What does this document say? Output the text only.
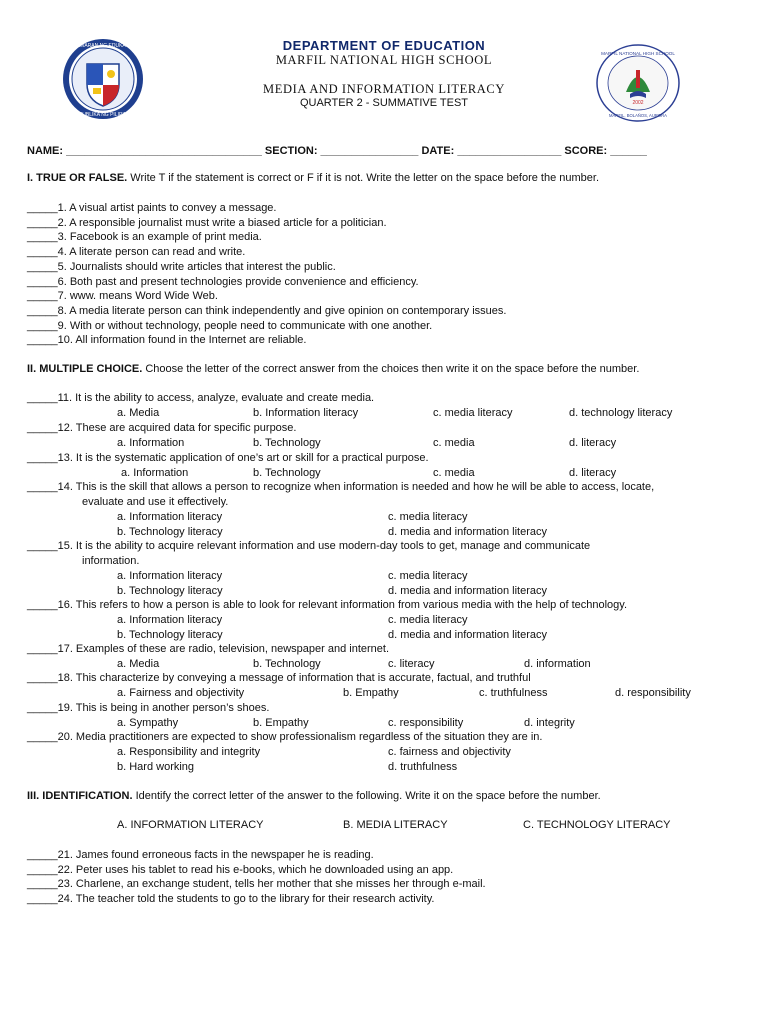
KAGAWARAN NG EDUKASYON
REPUBLIKA NG PILIPINAS
2002
MARFIL NATIONAL HIGH SCHOOL
MARFIL, BOLAÑOS, AURORA
DEPARTMENT OF EDUCATION
MARFIL NATIONAL HIGH SCHOOL
MEDIA AND INFORMATION LITERACY
QUARTER 2 - SUMMATIVE TEST
NAME: ________________________________ SECTION: ________________ DATE: _________________ SCORE: ______
I. TRUE OR FALSE. Write T if the statement is correct or F if it is not. Write the letter on the space before the number.
_____1. A visual artist paints to convey a message.
_____2. A responsible journalist must write a biased article for a politician.
_____3. Facebook is an example of print media.
_____4. A literate person can read and write.
_____5. Journalists should write articles that interest the public.
_____6. Both past and present technologies provide convenience and efficiency.
_____7. www. means Word Wide Web.
_____8. A media literate person can think independently and give opinion on contemporary issues.
_____9. With or without technology, people need to communicate with one another.
_____10. All information found in the Internet are reliable.
II. MULTIPLE CHOICE. Choose the letter of the correct answer from the choices then write it on the space before the number.
_____11. It is the ability to access, analyze, evaluate and create media.
a. Media	b. Information literacy	c. media literacy	d. technology literacy
_____12. These are acquired data for specific purpose.
a. Information	b. Technology	c. media	d. literacy
_____13. It is the systematic application of one’s art or skill for a practical purpose.
a. Information	b. Technology	c. media	d. literacy
_____14. This is the skill that allows a person to recognize when information is needed and how he will be able to access, locate,
evaluate and use it effectively.
a. Information literacy	c. media literacy
b. Technology literacy	d. media and information literacy
_____15. It is the ability to acquire relevant information and use modern-day tools to get, manage and communicate
information.
a. Information literacy	c. media literacy
b. Technology literacy	d. media and information literacy
_____16. This refers to how a person is able to look for relevant information from various media with the help of technology.
a. Information literacy	c. media literacy
b. Technology literacy	d. media and information literacy
_____17. Examples of these are radio, television, newspaper and internet.
a. Media	b. Technology	c. literacy	d. information
_____18. This characterize by conveying a message of information that is accurate, factual, and truthful
a. Fairness and objectivity	b. Empathy	c. truthfulness	d. responsibility
_____19. This is being in another person’s shoes.
a. Sympathy	b. Empathy	c. responsibility	d. integrity
_____20. Media practitioners are expected to show professionalism regardless of the situation they are in.
a. Responsibility and integrity	c. fairness and objectivity
b. Hard working	d. truthfulness
III. IDENTIFICATION. Identify the correct letter of the answer to the following. Write it on the space before the number.
A. INFORMATION LITERACY	B. MEDIA LITERACY	C. TECHNOLOGY LITERACY
_____21. James found erroneous facts in the newspaper he is reading.
_____22. Peter uses his tablet to read his e-books, which he downloaded using an app.
_____23. Charlene, an exchange student, tells her mother that she misses her through e-mail.
_____24. The teacher told the students to go to the library for their research activity.
